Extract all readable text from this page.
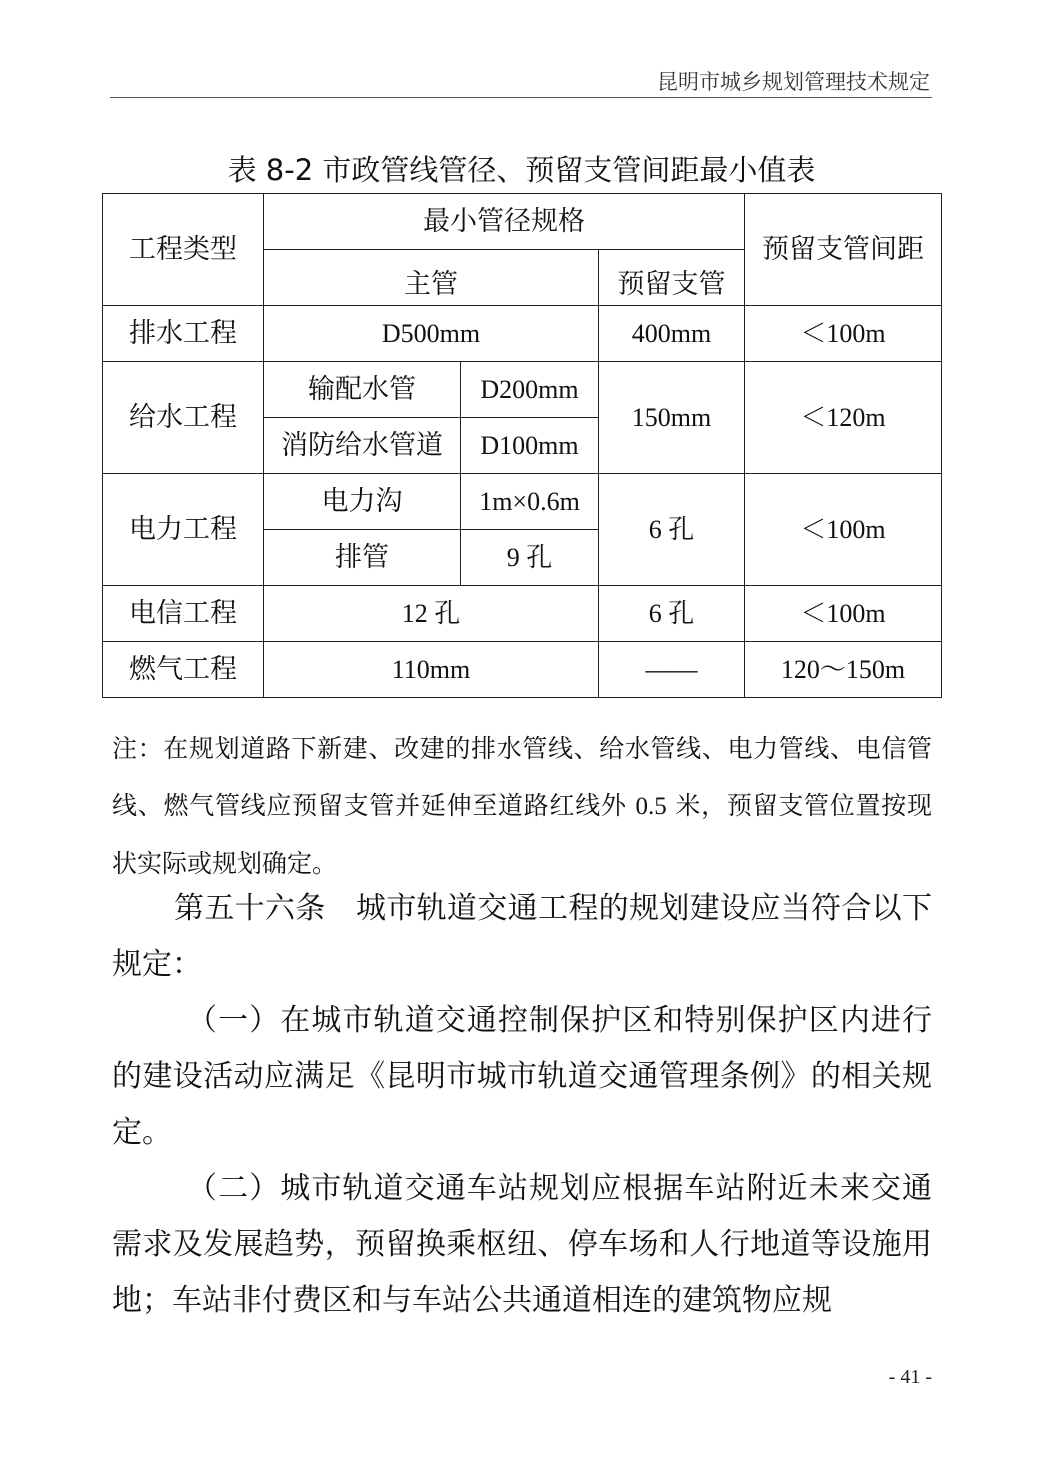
昆明市城乡规划管理技术规定
表 8-2 市政管线管径、预留支管间距最小值表
工程类型	最小管径规格			预留支管间距
	主管		预留支管	
排水工程	D500mm		400mm	＜100m
给水工程	输配水管	D200mm	150mm	＜120m
	消防给水管道	D100mm		
电力工程	电力沟	1m×0.6m	6 孔	＜100m
	排管	9 孔		
电信工程	12 孔		6 孔	＜100m
燃气工程	110mm		——	120～150m
注：在规划道路下新建、改建的排水管线、给水管线、电力管线、电信管线、燃气管线应预留支管并延伸至道路红线外 0.5 米，预留支管位置按现状实际或规划确定。

第五十六条　城市轨道交通工程的规划建设应当符合以下规定：

（一）在城市轨道交通控制保护区和特别保护区内进行的建设活动应满足《昆明市城市轨道交通管理条例》的相关规定。

（二）城市轨道交通车站规划应根据车站附近未来交通需求及发展趋势，预留换乘枢纽、停车场和人行地道等设施用地；车站非付费区和与车站公共通道相连的建筑物应规

- 41 -
